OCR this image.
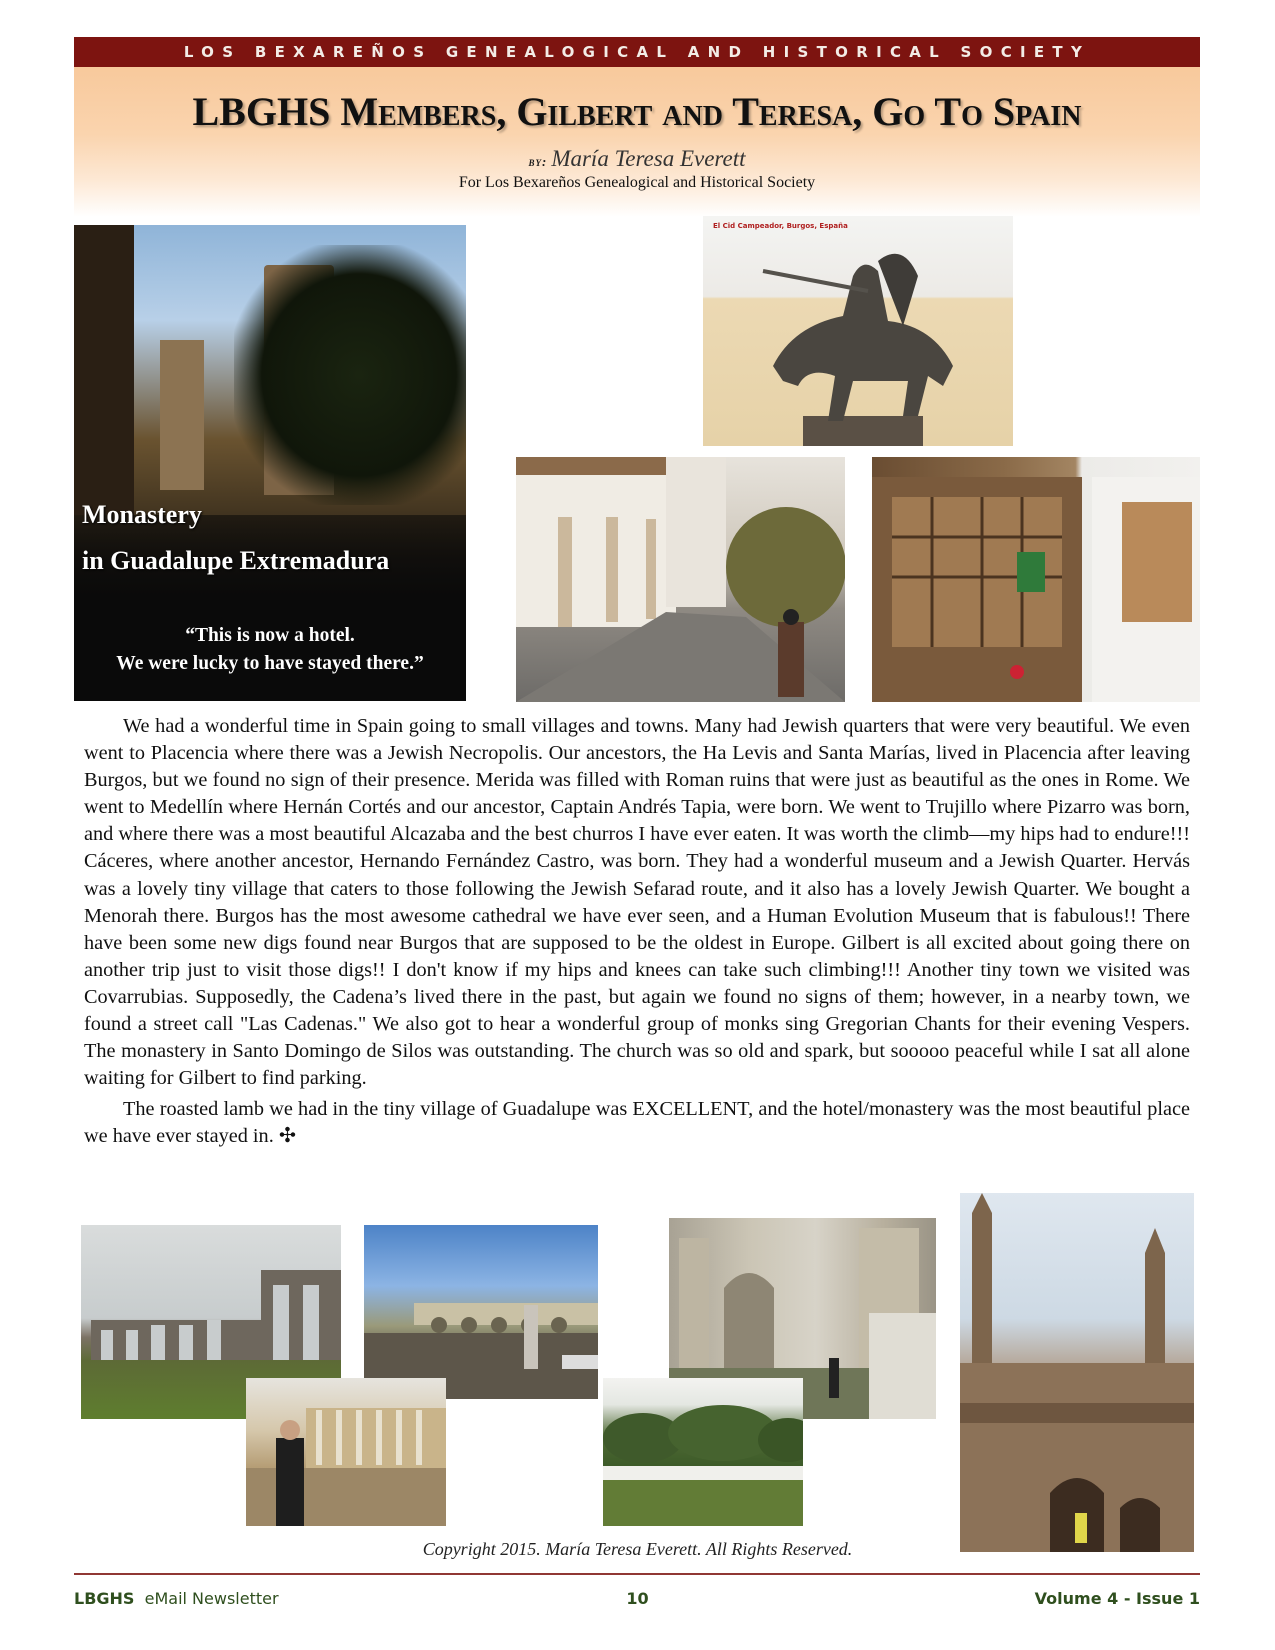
LOS BEXAREÑOS GENEALOGICAL AND HISTORICAL SOCIETY
LBGHS Members, Gilbert and Teresa, Go To Spain
by: María Teresa Everett
For Los Bexareños Genealogical and Historical Society
Monastery
in Guadalupe Extremadura
“This is now a hotel.
We were lucky to have stayed there.”
El Cid Campeador, Burgos, España

We had a wonderful time in Spain going to small villages and towns. Many had Jewish quarters that were very beautiful. We even went to Placencia where there was a Jewish Necropolis. Our ancestors, the Ha Levis and Santa Marías, lived in Placencia after leaving Burgos, but we found no sign of their presence. Merida was filled with Roman ruins that were just as beautiful as the ones in Rome. We went to Medellín where Hernán Cortés and our ancestor, Captain Andrés Tapia, were born. We went to Trujillo where Pizarro was born, and where there was a most beautiful Alcazaba and the best churros I have ever eaten. It was worth the climb—my hips had to endure!!! Cáceres, where another ancestor, Hernando Fernández Castro, was born. They had a wonderful museum and a Jewish Quarter. Hervás was a lovely tiny village that caters to those following the Jewish Sefarad route, and it also has a lovely Jewish Quarter. We bought a Menorah there. Burgos has the most awesome cathedral we have ever seen, and a Human Evolution Museum that is fabulous!! There have been some new digs found near Burgos that are supposed to be the oldest in Europe. Gilbert is all excited about going there on another trip just to visit those digs!! I don't know if my hips and knees can take such climbing!!! Another tiny town we visited was Covarrubias. Supposedly, the Cadena’s lived there in the past, but again we found no signs of them; however, in a nearby town, we found a street call "Las Cadenas." We also got to hear a wonderful group of monks sing Gregorian Chants for their evening Vespers. The monastery in Santo Domingo de Silos was outstanding. The church was so old and spark, but sooooo peaceful while I sat all alone waiting for Gilbert to find parking.

The roasted lamb we had in the tiny village of Guadalupe was EXCELLENT, and the hotel/monastery was the most beautiful place we have ever stayed in. ✣

Copyright 2015. María Teresa Everett. All Rights Reserved.
LBGHS eMail Newsletter	10	Volume 4 - Issue 1
